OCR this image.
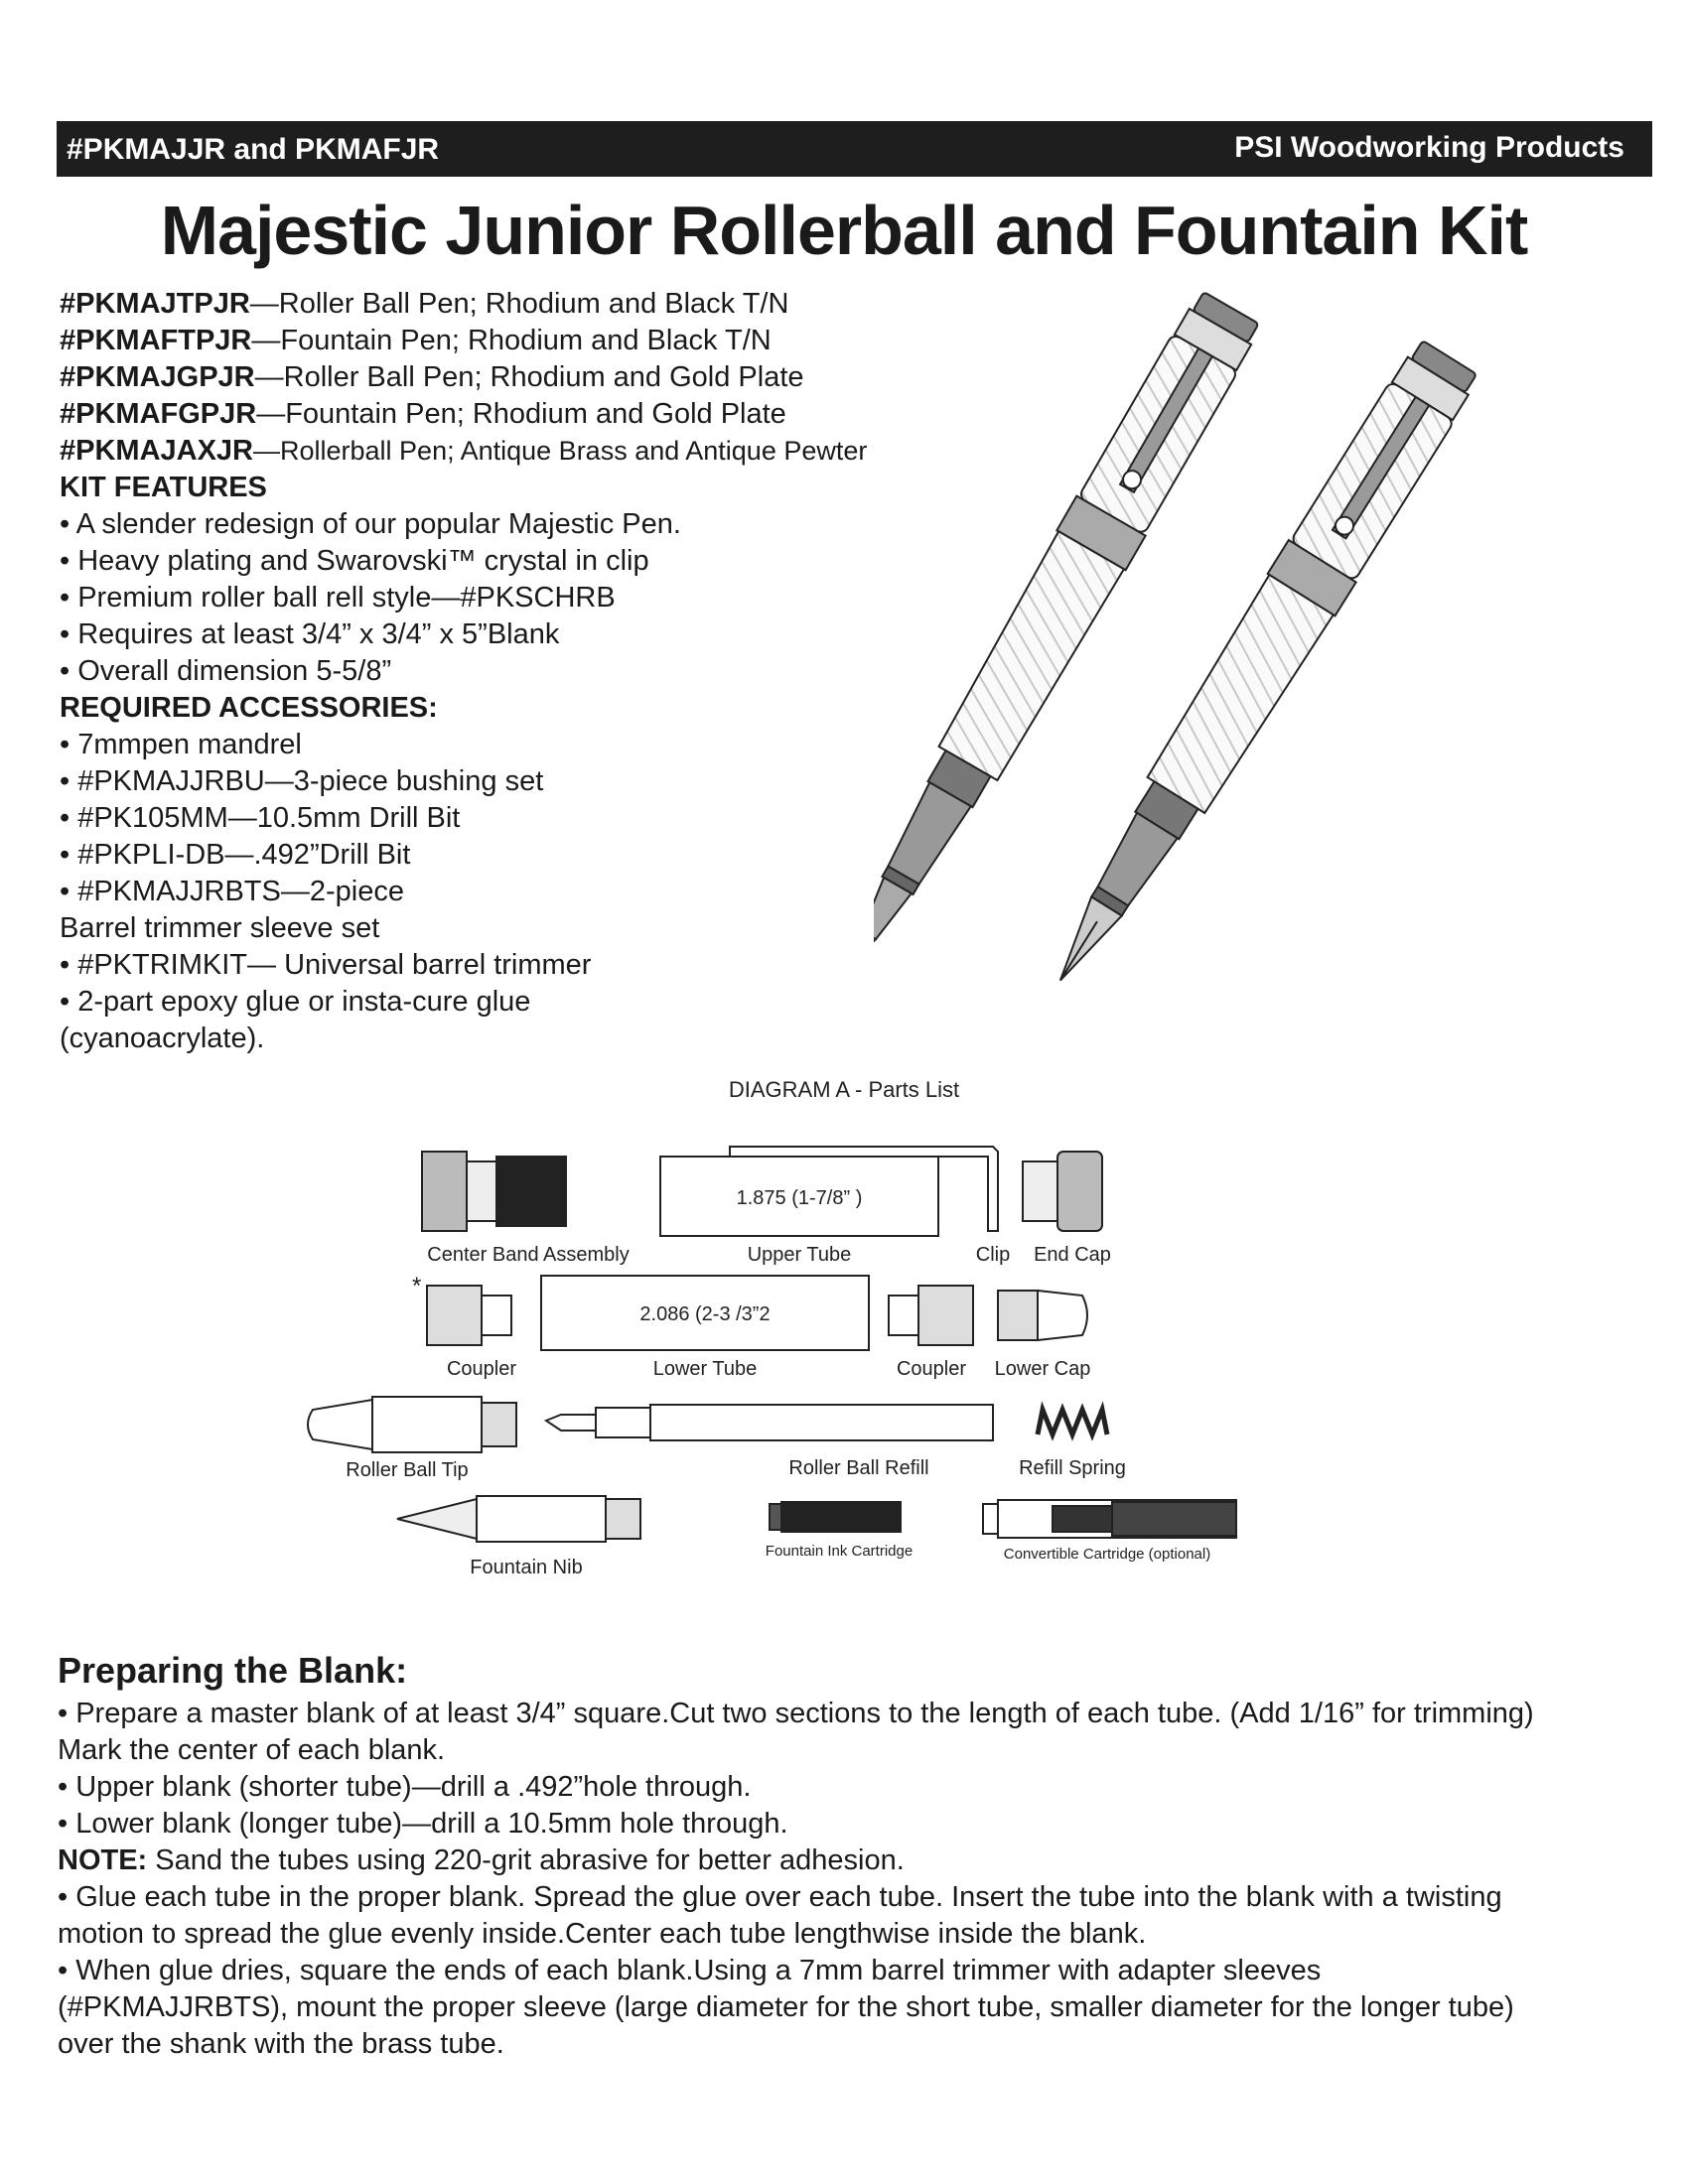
#PKMAJJR and PKMAFJR	PSI Woodworking Products
Majestic Junior Rollerball and Fountain Kit
#PKMAJTPJR—Roller Ball Pen; Rhodium and Black T/N
#PKMAFTPJR—Fountain Pen; Rhodium and Black T/N
#PKMAJGPJR—Roller Ball Pen; Rhodium and Gold Plate
#PKMAFGPJR—Fountain Pen; Rhodium and Gold Plate
#PKMAJAXJR—Rollerball Pen; Antique Brass and Antique Pewter
KIT FEATURES
• A slender redesign of our popular Majestic Pen.
• Heavy plating and Swarovski™ crystal in clip
• Premium roller ball rell style—#PKSCHRB
• Requires at least 3/4” x 3/4” x 5”Blank
• Overall dimension 5-5/8”
REQUIRED ACCESSORIES:
• 7mmpen mandrel
• #PKMAJJRBU—3-piece bushing set
• #PK105MM—10.5mm Drill Bit
• #PKPLI-DB—.492”Drill Bit
• #PKMAJJRBTS—2-piece
Barrel trimmer sleeve set
• #PKTRIMKIT— Universal barrel trimmer
• 2-part epoxy glue or insta-cure glue
(cyanoacrylate).
DIAGRAM A - Parts List
Center Band Assembly
1.875 (1-7/8” )
Upper Tube	Clip End Cap
*
Coupler
2.086 (2-3 /3”2
Lower Tube	Coupler Lower Cap
Roller Ball Tip	Roller Ball Refill	Refill Spring
Fountain Nib
Fountain Ink Cartridge	Convertible Cartridge (optional)
Preparing the Blank:
• Prepare a master blank of at least 3/4” square.Cut two sections to the length of each tube. (Add 1/16” for trimming)
Mark the center of each blank.
• Upper blank (shorter tube)—drill a .492”hole through.
• Lower blank (longer tube)—drill a 10.5mm hole through.
NOTE: Sand the tubes using 220-grit abrasive for better adhesion.
• Glue each tube in the proper blank. Spread the glue over each tube. Insert the tube into the blank with a twisting
motion to spread the glue evenly inside.Center each tube lengthwise inside the blank.
• When glue dries, square the ends of each blank.Using a 7mm barrel trimmer with adapter sleeves
(#PKMAJJRBTS), mount the proper sleeve (large diameter for the short tube, smaller diameter for the longer tube)
over the shank with the brass tube.
